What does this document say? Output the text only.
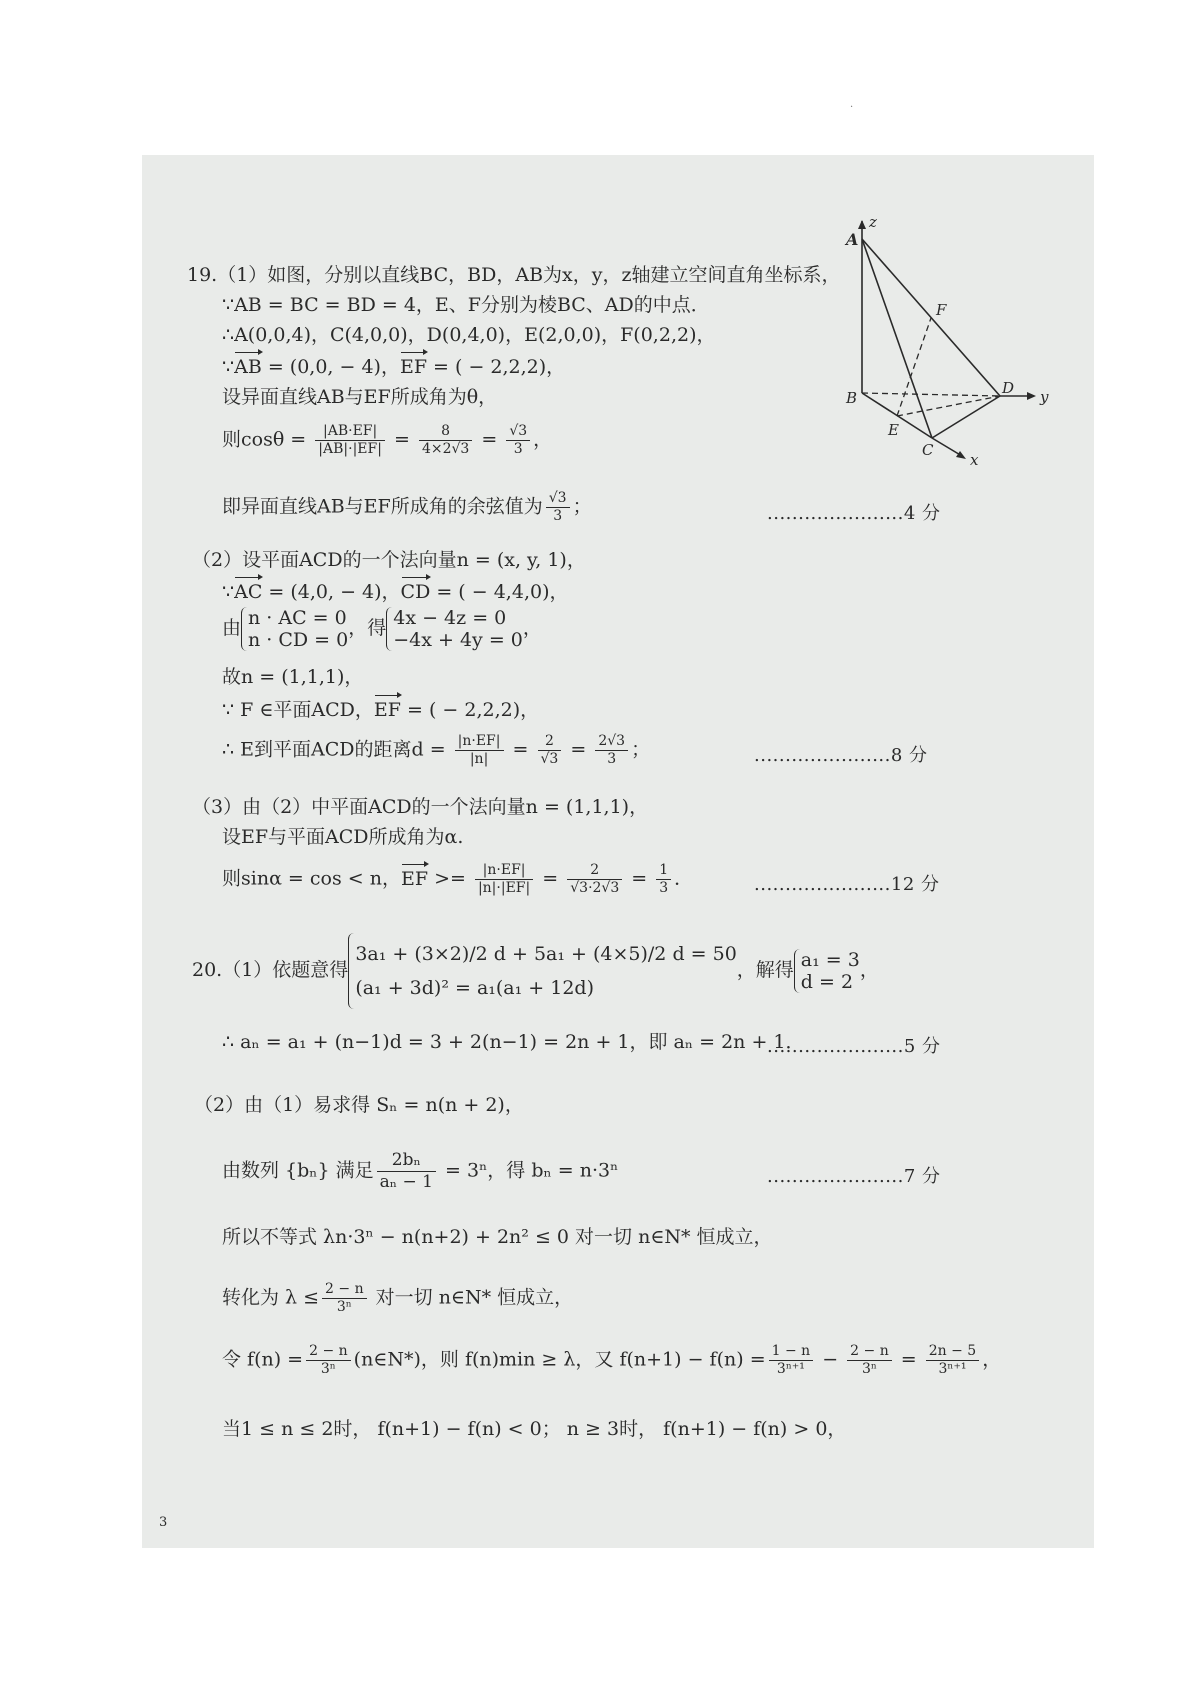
.
z
A
F
B
D y
E
C
x
19.（1）如图，分别以直线BC，BD，AB为x，y，z轴建立空间直角坐标系，
∵AB = BC = BD = 4，E、F分别为棱BC、AD的中点．
∴A(0,0,4)，C(4,0,0)，D(0,4,0)，E(2,0,0)，F(0,2,2)，
∵AB = (0,0, − 4)，EF = ( − 2,2,2)，
设异面直线AB与EF所成角为θ，
则$\cos\theta = \frac{|AB\cdot EF|}{|AB|\cdot|EF|} = \frac{8}{4\times 2√3} = \frac{√3}{3}$ ，
即异面直线AB与EF所成角的余弦值为 $\frac{√3}{3}$ ；	......................4 分
（2）设平面ACD的一个法向量n = (x, y, 1)，
∵AC = (4,0, − 4)，CD = ( − 4,4,0)，
由 n · AC = 0
n · CD = 0
，得 4x − 4z = 0
−4x + 4y = 0
，
故n = (1,1,1)，
∵ F ∈平面ACD，EF = ( − 2,2,2)，
∴ E到平面ACD的距离$d = \frac{|n\cdot EF|}{|n|} = \frac{2}{√3} = \frac{2√3}{3}$ ；	......................8 分
（3）由（2）中平面ACD的一个法向量n = (1,1,1)，
设EF与平面ACD所成角为α.
则sinα = cos < n，EF >= $\frac{|n\cdot EF|}{|n|\cdot|EF|} = \frac{2}{√3\cdot 2√3} = \frac{1}{3}$ ．	......................12 分
20.（1）依题意得
3a₁ + (3×2)/2 d + 5a₁ + (4×5)/2 d = 50
(a₁ + 3d)² = a₁(a₁ + 12d)
，解得 a₁ = 3
d = 2
，
∴ aₙ = a₁ + (n−1)d = 3 + 2(n−1) = 2n + 1，即 aₙ = 2n + 1．
......................5 分
（2）由（1）易求得 Sₙ = n(n + 2)，
由数列 {bₙ} 满足 $\frac{\text{2bₙ}}{\text{aₙ − 1}} = 3^n$，得 bₙ = n·3ⁿ	......................7 分
所以不等式 λn·3ⁿ − n(n+2) + 2n² ≤ 0 对一切 n∈N* 恒成立，
转化为 $\lambda \le \frac{2 - n}{\text{3ⁿ}}$ 对一切 n∈N* 恒成立，
令 $f(n) = \frac{2 - n}{\text{3ⁿ}}$ (n∈N*)，则 f(n)min ≥ λ，又 $f(n+1) - f(n) = \frac{1 - n}{\text{3ⁿ⁺¹}} - \frac{2 - n}{\text{3ⁿ}} = \frac{2n - 5}{\text{3ⁿ⁺¹}}$ ，
当1 ≤ n ≤ 2时， f(n+1) − f(n) < 0； n ≥ 3时， f(n+1) − f(n) > 0，
3
